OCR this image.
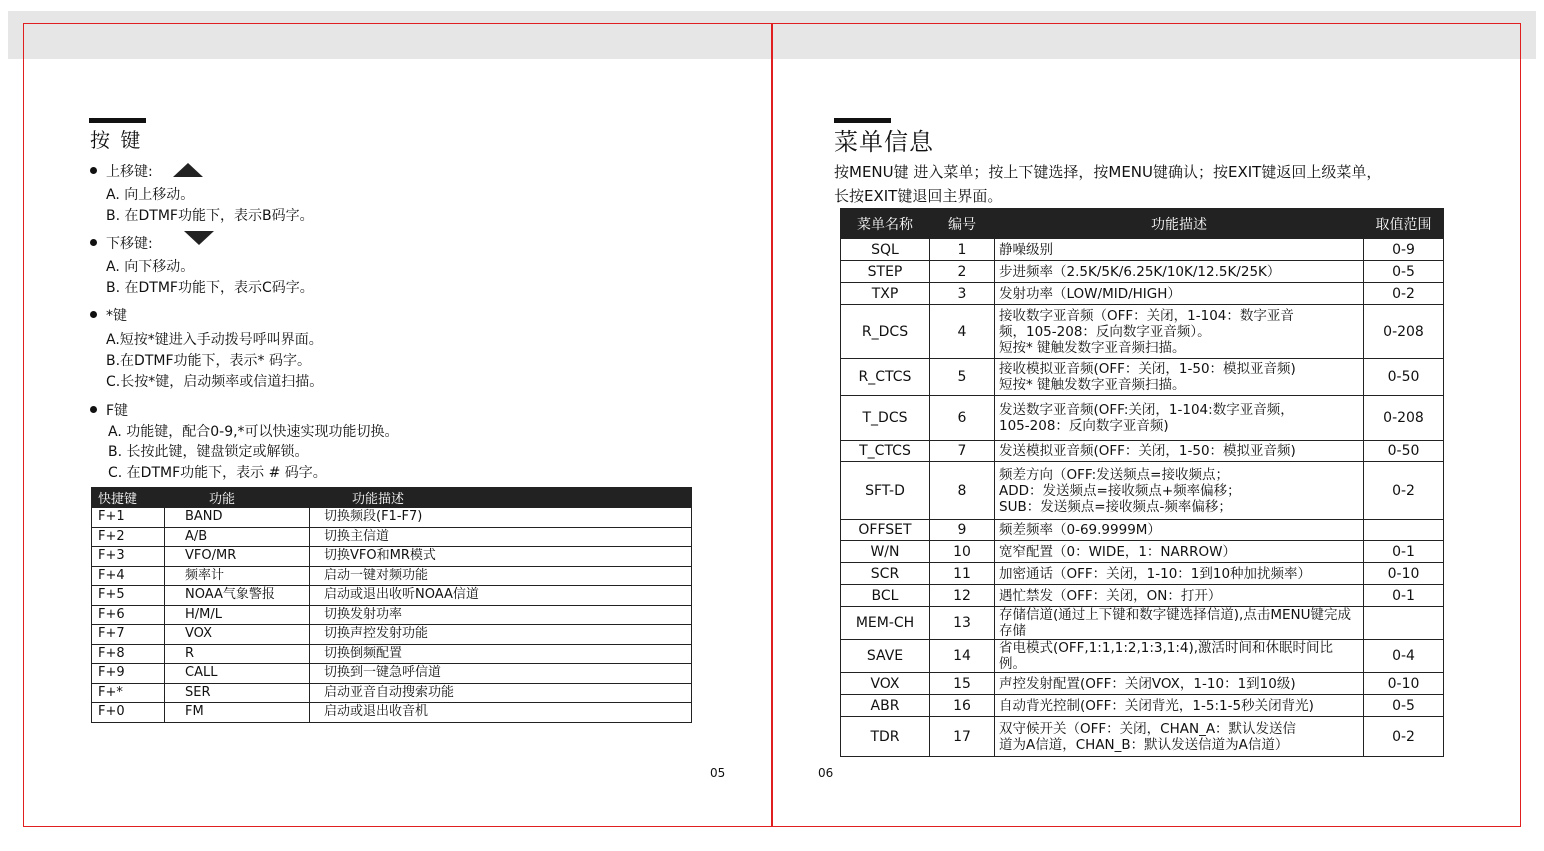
按 键
上移键:
A. 向上移动。
B. 在DTMF功能下，表示B码字。
下移键:
A. 向下移动。
B. 在DTMF功能下，表示C码字。
*键
A.短按*键进入手动拨号呼叫界面。
B.在DTMF功能下，表示* 码字。
C.长按*键，启动频率或信道扫描。
F键
A. 功能键，配合0-9,*可以快速实现功能切换。
B. 长按此键，键盘锁定或解锁。
C. 在DTMF功能下，表示 # 码字。
快捷键	功能	功能描述
F+1	BAND	切换频段(F1-F7)
F+2	A/B	切换主信道
F+3	VFO/MR	切换VFO和MR模式
F+4	频率计	启动一键对频功能
F+5	NOAA气象警报	启动或退出收听NOAA信道
F+6	H/M/L	切换发射功率
F+7	VOX	切换声控发射功能
F+8	R	切换倒频配置
F+9	CALL	切换到一键急呼信道
F+*	SER	启动亚音自动搜索功能
F+0	FM	启动或退出收音机
05
菜单信息
按MENU键 进入菜单；按上下键选择，按MENU键确认；按EXIT键返回上级菜单，
长按EXIT键退回主界面。
菜单名称	编号	功能描述	取值范围
SQL	1	静噪级别	0-9
STEP	2	步进频率（2.5K/5K/6.25K/10K/12.5K/25K）	0-5
TXP	3	发射功率（LOW/MID/HIGH）	0-2
R_DCS	4	接收数字亚音频（OFF：关闭，1-104：数字亚音
频，105-208：反向数字亚音频）。
短按* 键触发数字亚音频扫描。	0-208
R_CTCS	5	接收模拟亚音频(OFF：关闭，1-50：模拟亚音频)
短按* 键触发数字亚音频扫描。	0-50
T_DCS	6	发送数字亚音频(OFF:关闭，1-104:数字亚音频，
105-208：反向数字亚音频)	0-208
T_CTCS	7	发送模拟亚音频(OFF：关闭，1-50：模拟亚音频)	0-50
SFT-D	8	频差方向（OFF:发送频点=接收频点；
ADD：发送频点=接收频点+频率偏移；
SUB：发送频点=接收频点-频率偏移；	0-2
OFFSET	9	频差频率（0-69.9999M）	

W/N	10	宽窄配置（0：WIDE，1：NARROW）	0-1
SCR	11	加密通话（OFF：关闭，1-10：1到10种加扰频率）	0-10
BCL	12	遇忙禁发（OFF：关闭，ON：打开）	0-1
MEM-CH	13	存储信道(通过上下键和数字键选择信道),点击MENU键完成存储	

SAVE	14	省电模式(OFF,1:1,1:2,1:3,1:4),激活时间和休眠时间比例。	0-4
VOX	15	声控发射配置(OFF：关闭VOX，1-10：1到10级)	0-10
ABR	16	自动背光控制(OFF：关闭背光，1-5:1-5秒关闭背光)	0-5
TDR	17	双守候开关（OFF：关闭，CHAN_A：默认发送信
道为A信道，CHAN_B：默认发送信道为A信道）	0-2
06
